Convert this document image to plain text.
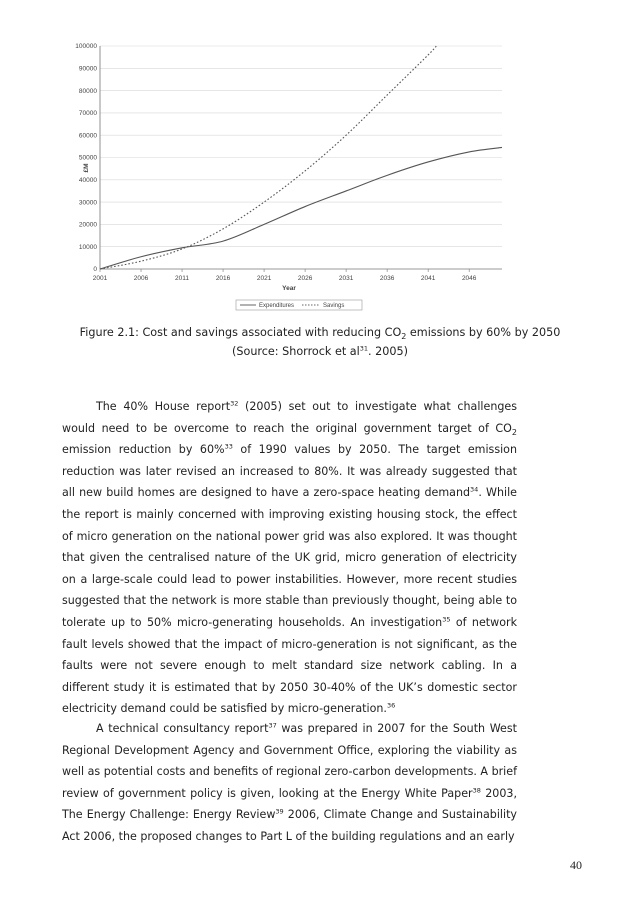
0
10000
20000
30000
40000
50000
60000
70000
80000
90000
100000
2001	2006	2011	2016	2021	2026	2031	2036	2041	2046
£M
Year
Expenditures	Savings
Figure 2.1: Cost and savings associated with reducing $CO_2$ emissions by 60% by 2050 (Source: Shorrock et $al^{31}$. 2005)

The 40% House report$^{32}$ (2005) set out to investigate what challenges would need to be overcome to reach the original government target of $CO_2$ emission reduction by 60%$^{33}$ of 1990 values by 2050. The target emission reduction was later revised an increased to 80%. It was already suggested that all new build homes are designed to have a zero-space heating demand$^{34}$. While the report is mainly concerned with improving existing housing stock, the effect of micro generation on the national power grid was also explored. It was thought that given the centralised nature of the UK grid, micro generation of electricity on a large-scale could lead to power instabilities. However, more recent studies suggested that the network is more stable than previously thought, being able to tolerate up to 50% micro-generating households. An investigation$^{35}$ of network fault levels showed that the impact of micro-generation is not significant, as the faults were not severe enough to melt standard size network cabling. In a different study it is estimated that by 2050 30-40% of the UK’s domestic sector electricity demand could be satisfied by micro-generation.$^{36}$

A technical consultancy report$^{37}$ was prepared in 2007 for the South West Regional Development Agency and Government Office, exploring the viability as well as potential costs and benefits of regional zero-carbon developments. A brief review of government policy is given, looking at the Energy White Paper$^{38}$ 2003, The Energy Challenge: Energy Review$^{39}$ 2006, Climate Change and Sustainability Act 2006, the proposed changes to Part L of the building regulations and an early

40
